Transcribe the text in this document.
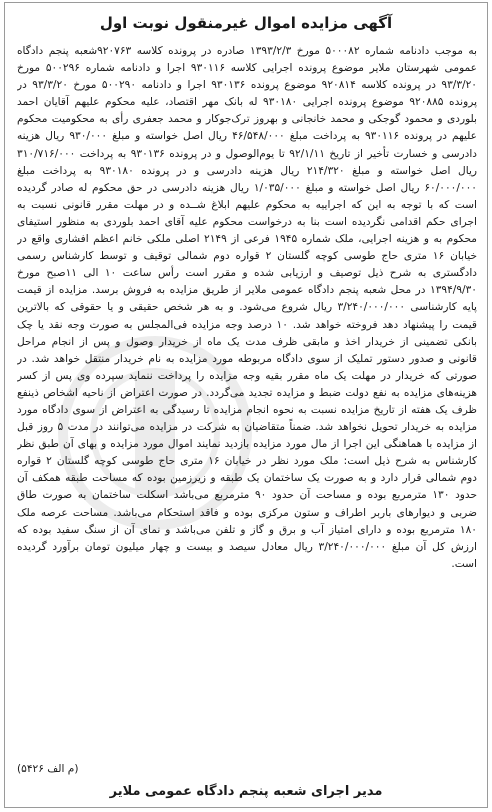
آگهی مزایده اموال غیرمنقول نوبت اول
به موجب دادنامه شماره ۵۰۰۰۸۲ مورخ ۱۳۹۳/۲/۳ صادره در پرونده کلاسه ۹۲۰۷۶۳شعبه پنجم دادگاه عمومی شهرستان ملایر موضوع پرونده اجرایی کلاسه ۹۳۰۱۱۶ اجرا و دادنامه شماره ۵۰۰۲۹۶ مورخ ۹۳/۳/۲۰ در پرونده کلاسه ۹۲۰۸۱۴ موضوع پرونده ۹۳۰۱۳۶ اجرا و دادنامه ۵۰۰۲۹۰ مورخ ۹۳/۳/۲۰ در پرونده ۹۲۰۸۸۵ موضوع پرونده اجرایی ۹۳۰۱۸۰ له بانک مهر اقتصاد، علیه محکوم علیهم آقایان احمد بلوردی و محمود گوجکی و محمد خانجانی و بهروز ترک‌جوکار و محمد جعفری رأی به محکومیت محکوم علیهم در پرونده ۹۳۰۱۱۶ به پرداخت مبلغ ۴۶/۵۴۸/۰۰۰ ریال اصل خواسته و مبلغ ۹۳۰/۰۰۰ ریال هزینه دادرسی و خسارت تأخیر از تاریخ ۹۲/۱/۱۱ تا یوم‌الوصول و در پرونده ۹۳۰۱۳۶ به پرداخت ۳۱۰/۷۱۶/۰۰۰ ریال اصل خواسته و مبلغ ۲۱۴/۳۲۰ ریال هزینه دادرسی و در پرونده ۹۳۰۱۸۰ به پرداخت مبلغ ۶۰/۰۰۰/۰۰۰ ریال اصل خواسته و مبلغ ۱/۰۳۵/۰۰۰ ریال هزینه دادرسی در حق محکوم له صادر گردیده است که با توجه به این که اجراییه به محکوم علیهم ابلاغ شــده و در مهلت مقرر قانونی نسبت به اجرای حکم اقدامی نگردیده است بنا به درخواست محکوم علیه آقای احمد بلوردی به منظور استیفای محکوم به و هزینه اجرایی، ملک شماره ۱۹۴۵ فرعی از ۲۱۴۹ اصلی ملکی خانم اعظم افشاری واقع در خیابان ۱۶ متری حاج طوسی کوچه گلستان ۲ قواره دوم شمالی توقیف و توسط کارشناس رسمی دادگستری به شرح ذیل توصیف و ارزیابی شده و مقرر است رأس ساعت ۱۰ الی ۱۱صبح مورخ ۱۳۹۴/۹/۳۰ در محل شعبه پنجم دادگاه عمومی ملایر از طریق مزایده به فروش برسد. مزایده از قیمت پایه کارشناسی ۳/۲۴۰/۰۰۰/۰۰۰ ریال شروع می‌شود. و به هر شخص حقیقی و یا حقوقی که بالاترین قیمت را پیشنهاد دهد فروخته خواهد شد. ۱۰ درصد وجه مزایده فی‌المجلس به صورت وجه نقد یا چک بانکی تضمینی از خریدار اخذ و مابقی ظرف مدت یک ماه از خریدار وصول و پس از انجام مراحل قانونی و صدور دستور تملیک از سوی دادگاه مربوطه مورد مزایده به نام خریدار منتقل خواهد شد. در صورتی که خریدار در مهلت یک ماه مقرر بقیه وجه مزایده را پرداخت ننماید سپرده وی پس از کسر هزینه‌های مزایده به نفع دولت ضبط و مزایده تجدید می‌گردد. در صورت اعتراض از ناحیه اشخاص ذینفع ظرف یک هفته از تاریخ مزایده نسبت به نحوه انجام مزایده تا رسیدگی به اعتراض از سوی دادگاه مورد مزایده به خریدار تحویل نخواهد شد. ضمناً متقاضیان به شرکت در مزایده می‌توانند در مدت ۵ روز قبل از مزایده با هماهنگی این اجرا از مال مورد مزایده بازدید نمایند اموال مورد مزایده و بهای آن طبق نظر کارشناس به شرح ذیل است: ملک مورد نظر در خیابان ۱۶ متری حاج طوسی کوچه گلستان ۲ قواره دوم شمالی قرار دارد و به صورت یک ساختمان یک طبقه و زیرزمین بوده که مساحت طبقه همکف آن حدود ۱۳۰ مترمربع بوده و مساحت آن حدود ۹۰ مترمربع می‌باشد اسکلت ساختمان به صورت طاق ضربی و دیوارهای باربر اطراف و ستون مرکزی بوده و فاقد استحکام می‌باشد. مساحت عرصه ملک ۱۸۰ مترمربع بوده و دارای امتیاز آب و برق و گاز و تلفن می‌باشد و نمای آن از سنگ سفید بوده که ارزش کل آن مبلغ ۳/۲۴۰/۰۰۰/۰۰۰ ریال معادل سیصد و بیست و چهار میلیون تومان برآورد گردیده است.
(م الف ۵۴۲۶)
مدیر اجرای شعبه پنجم دادگاه عمومی ملایر
